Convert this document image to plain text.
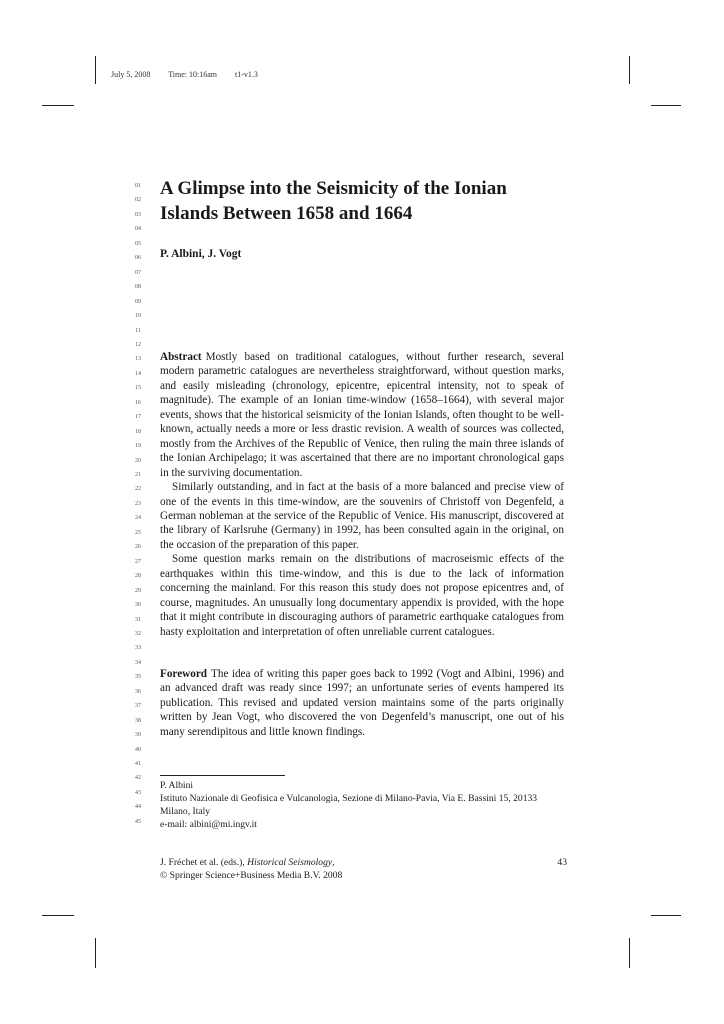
July 5, 2008 Time: 10:16am t1-v1.3
01
02
03
04
05
06
07
08
09
10
11
12
13
14
15
16
17
18
19
20
21
22
23
24
25
26
27
28
29
30
31
32
33
34
35
36
37
38
39
40
41
42
43
44
45
A Glimpse into the Seismicity of the Ionian Islands Between 1658 and 1664
P. Albini, J. Vogt

Abstract Mostly based on traditional catalogues, without further research, several modern parametric catalogues are nevertheless straightforward, without question marks, and easily misleading (chronology, epicentre, epicentral intensity, not to speak of magnitude). The example of an Ionian time-window (1658–1664), with several major events, shows that the historical seismicity of the Ionian Islands, often thought to be well-known, actually needs a more or less drastic revision. A wealth of sources was collected, mostly from the Archives of the Republic of Venice, then ruling the main three islands of the Ionian Archipelago; it was ascertained that there are no important chronological gaps in the surviving documentation.

Similarly outstanding, and in fact at the basis of a more balanced and precise view of one of the events in this time-window, are the souvenirs of Christoff von Degenfeld, a German nobleman at the service of the Republic of Venice. His manuscript, discovered at the library of Karlsruhe (Germany) in 1992, has been consulted again in the original, on the occasion of the preparation of this paper.

Some question marks remain on the distributions of macroseismic effects of the earthquakes within this time-window, and this is due to the lack of information concerning the mainland. For this reason this study does not propose epicentres and, of course, magnitudes. An unusually long documentary appendix is provided, with the hope that it might contribute in discouraging authors of parametric earthquake catalogues from hasty exploitation and interpretation of often unreliable current catalogues.

Foreword The idea of writing this paper goes back to 1992 (Vogt and Albini, 1996) and an advanced draft was ready since 1997; an unfortunate series of events hampered its publication. This revised and updated version maintains some of the parts originally written by Jean Vogt, who discovered the von Degenfeld’s manuscript, one out of his many serendipitous and little known findings.

P. Albini
Istituto Nazionale di Geofisica e Vulcanologia, Sezione di Milano-Pavia, Via E. Bassini 15, 20133
Milano, Italy
e-mail: albini@mi.ingv.it
J. Fréchet et al. (eds.), Historical Seismology,	43
© Springer Science+Business Media B.V. 2008
